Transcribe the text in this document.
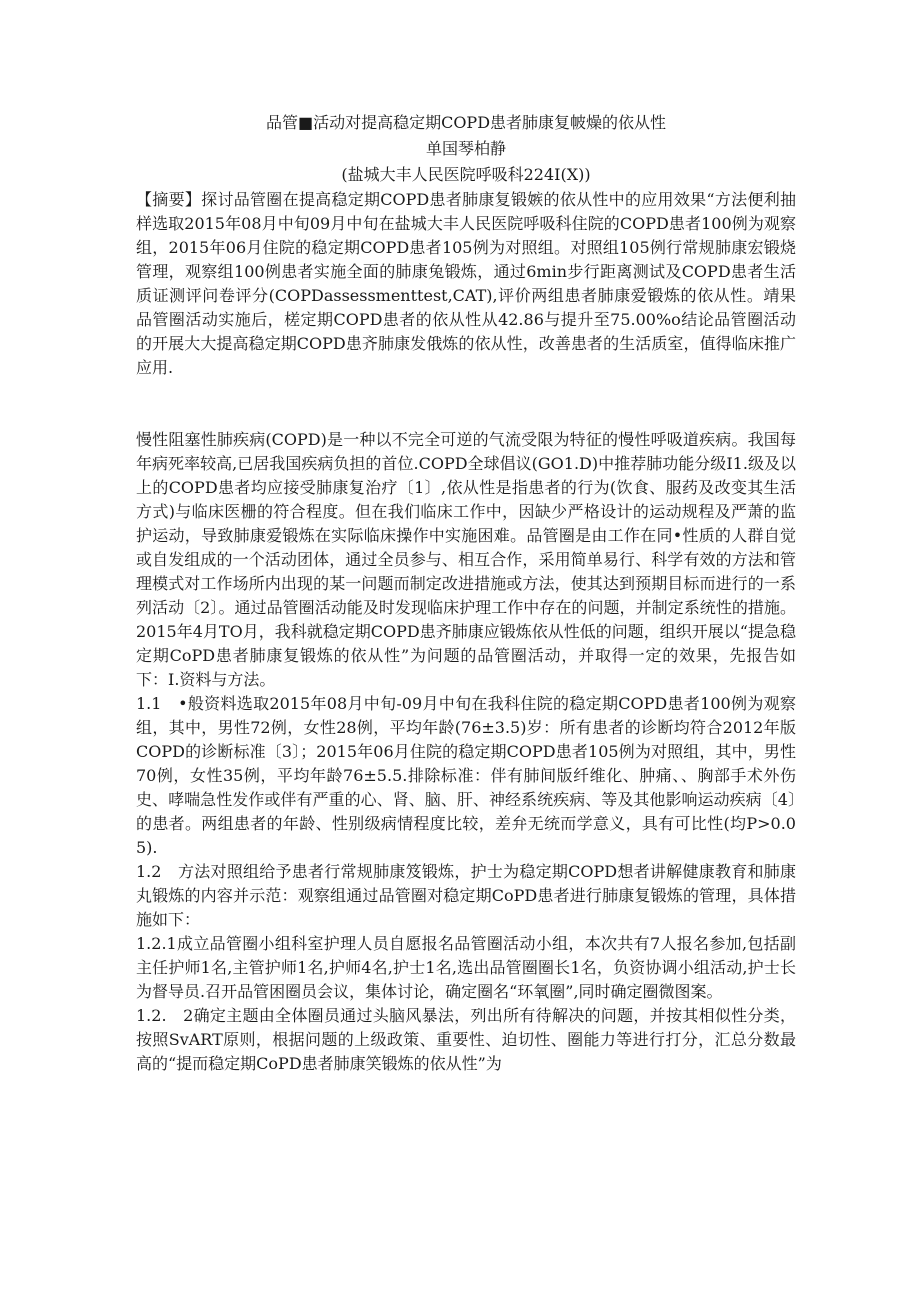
品管■活动对提高稳定期COPD患者肺康复帔燥的依从性
单国琴柏静
(盐城大丰人民医院呼吸科224I(X))
【摘要】探讨品管圈在提高稳定期COPD患者肺康复锻嫉的依从性中的应用效果“方法便利抽样选取2015年08月中旬09月中旬在盐城大丰人民医院呼吸科住院的COPD患者100例为观察组，2015年06月住院的稳定期COPD患者105例为对照组。对照组105例行常规肺康宏锻烧管理，观察组100例患者实施全面的肺康兔锻炼，通过6min步行距离测试及COPD患者生活质证测评问卷评分(COPDassessmenttest,CAT),评价两组患者肺康爱锻炼的依从性。靖果品管圈活动实施后，槎定期COPD患者的依从性从42.86与提升至75.00%o结论品管圈活动的开展大大提高稳定期COPD患齐肺康发俄炼的依从性，改善患者的生活质室，值得临床推广应用.

慢性阻塞性肺疾病(COPD)是一种以不完全可逆的气流受限为特征的慢性呼吸道疾病。我国每年病死率较高,已居我国疾病负担的首位.COPD全球倡议(GO1.D)中推荐肺功能分级I1.级及以上的COPD患者均应接受肺康复治疗〔1〕,依从性是指患者的行为(饮食、服药及改变其生活方式)与临床医栅的符合程度。但在我们临床工作中，因缺少严格设计的运动规程及严萧的监护运动，导致肺康爱锻炼在实际临床操作中实施困难。品管圈是由工作在同•性质的人群自觉或自发组成的一个活动团体，通过全员参与、相互合作，采用简单易行、科学有效的方法和管理模式对工作场所内出现的某一问题而制定改进措施或方法，使其达到预期目标而进行的一系列活动〔2〕。通过品管圈活动能及时发现临床护理工作中存在的问题，并制定系统性的措施。2015年4月TO月，我科就稳定期COPD患齐肺康应锻炼依从性低的问题，组织开展以“提急稳定期CoPD患者肺康复锻炼的依从性”为问题的品管圈活动，并取得一定的效果，先报告如下：I.资料与方法。

1.1　•般资料选取2015年08月中旬-09月中旬在我科住院的稳定期COPD患者100例为观察组，其中，男性72例，女性28例，平均年龄(76±3.5)岁：所有患者的诊断均符合2012年版COPD的诊断标准〔3〕；2015年06月住院的稳定期COPD患者105例为对照组，其中，男性70例，女性35例，平均年龄76±5.5.排除标准：伴有肺间版纤维化、肿痛、、胸部手术外伤史、哮喘急性发作或伴有严重的心、肾、脑、肝、神经系统疾病、等及其他影响运动疾病〔4〕的患者。两组患者的年龄、性别级病情程度比较，差弁无统而学意义，具有可比性(均P>0.05).

1.2　方法对照组给予患者行常规肺康笈锻炼，护士为稳定期COPD想者讲解健康教育和肺康丸锻炼的内容并示范：观察组通过品管圈对稳定期CoPD患者进行肺康复锻炼的管理，具体措施如下：

1.2.1成立品管圈小组科室护理人员自愿报名品管圈活动小组，本次共有7人报名参加,包括副主任护师1名,主管护师1名,护师4名,护士1名,选出品管圈圈长1名，负资协调小组活动,护士长为督导员.召开品管困圈员会议，集体讨论，确定圈名“环氧圈”,同时确定圈微图案。

1.2.　2确定主题由全体圈员通过头脑风暴法，列出所有待解决的问题，并按其相似性分类，按照SvART原则，根据问题的上级政策、重要性、迫切性、圈能力等进行打分，汇总分数最高的“提而稳定期CoPD患者肺康笑锻炼的依从性”为
